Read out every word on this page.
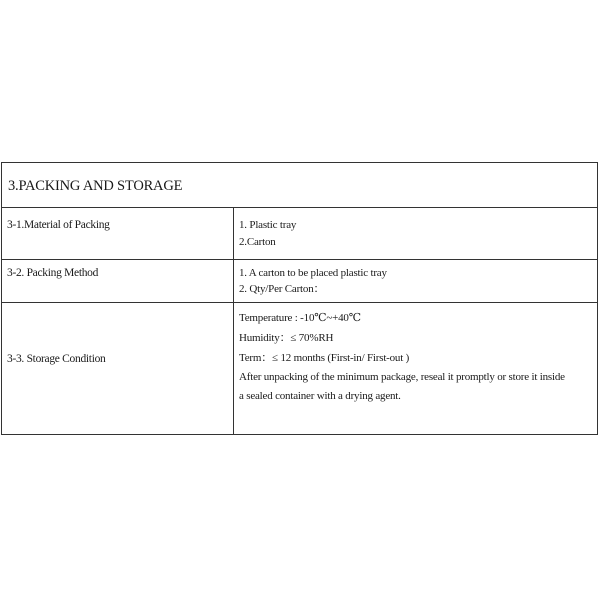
3.PACKING AND STORAGE
3-1.Material of Packing	1. Plastic tray
2.Carton
3-2. Packing Method	1. A carton to be placed plastic tray
2. Qty/Per Carton：
3-3. Storage Condition
Temperature : -10℃~+40℃
Humidity：≤ 70%RH
Term：≤ 12 months (First-in/ First-out )
After unpacking of the minimum package, reseal it promptly or store it inside
a sealed container with a drying agent.
